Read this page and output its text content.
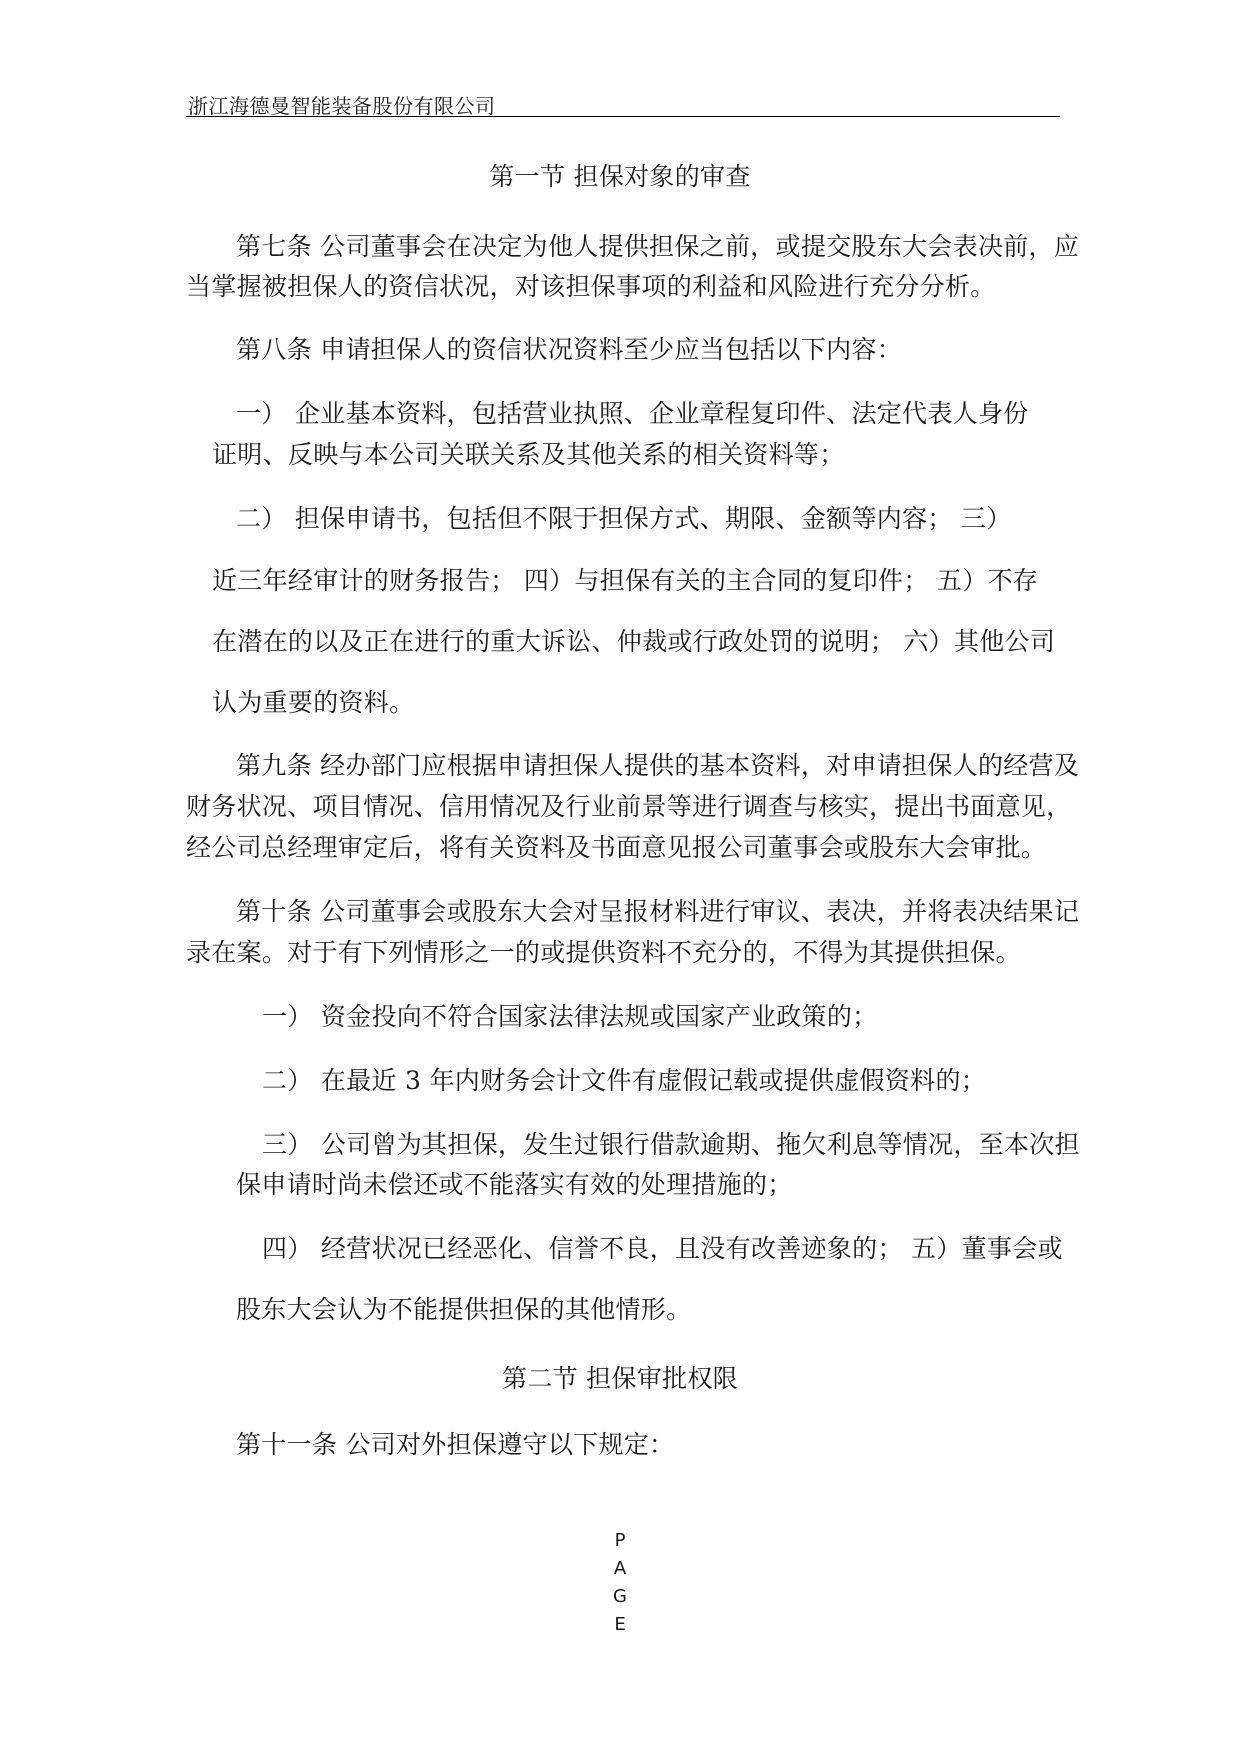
浙江海德曼智能装备股份有限公司
第一节 担保对象的审查
第七条 公司董事会在决定为他人提供担保之前，或提交股东大会表决前，应
当掌握被担保人的资信状况，对该担保事项的利益和风险进行充分分析。
第八条 申请担保人的资信状况资料至少应当包括以下内容：
一） 企业基本资料，包括营业执照、企业章程复印件、法定代表人身份
证明、反映与本公司关联关系及其他关系的相关资料等；
二） 担保申请书，包括但不限于担保方式、期限、金额等内容； 三）
近三年经审计的财务报告； 四）与担保有关的主合同的复印件； 五）不存
在潜在的以及正在进行的重大诉讼、仲裁或行政处罚的说明； 六）其他公司
认为重要的资料。
第九条 经办部门应根据申请担保人提供的基本资料，对申请担保人的经营及
财务状况、项目情况、信用情况及行业前景等进行调查与核实，提出书面意见，
经公司总经理审定后，将有关资料及书面意见报公司董事会或股东大会审批。
第十条 公司董事会或股东大会对呈报材料进行审议、表决，并将表决结果记
录在案。对于有下列情形之一的或提供资料不充分的，不得为其提供担保。
一） 资金投向不符合国家法律法规或国家产业政策的；
二） 在最近 3 年内财务会计文件有虚假记载或提供虚假资料的；
三） 公司曾为其担保，发生过银行借款逾期、拖欠利息等情况，至本次担
保申请时尚未偿还或不能落实有效的处理措施的；
四） 经营状况已经恶化、信誉不良，且没有改善迹象的； 五）董事会或
股东大会认为不能提供担保的其他情形。
第二节 担保审批权限
第十一条 公司对外担保遵守以下规定：
P
A
G
E
